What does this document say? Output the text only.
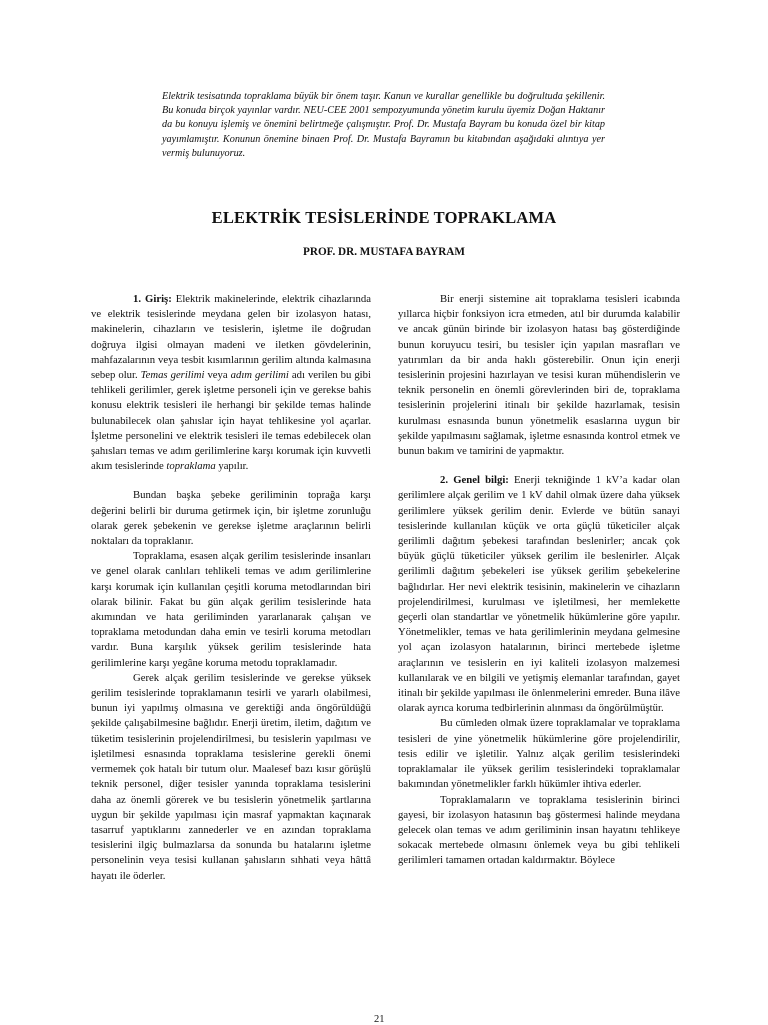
Elektrik tesisatında topraklama büyük bir önem taşır. Kanun ve kurallar genellikle bu doğrultuda şekillenir. Bu konuda birçok yayınlar vardır. NEU-CEE 2001 sempozyumunda yönetim kurulu üyemiz Doğan Haktanır da bu konuyu işlemiş ve önemini belirtmeğe çalışmıştır. Prof. Dr. Mustafa Bayram bu konuda özel bir kitap yayımlamıştır. Konunun önemine binaen Prof. Dr. Mustafa Bayramın bu kitabından aşağıdaki alıntıya yer vermiş bulunuyoruz.
ELEKTRİK TESİSLERİNDE TOPRAKLAMA
PROF. DR. MUSTAFA BAYRAM

1. Giriş: Elektrik makinelerinde, elektrik cihazlarında ve elektrik tesislerinde meydana gelen bir izolasyon hatası, makinelerin, cihazların ve tesislerin, işletme ile doğrudan doğruya ilgisi olmayan madeni ve iletken gövdelerinin, mahfazalarının veya tesbit kısımlarının gerilim altında kalmasına sebep olur. Temas gerilimi veya adım gerilimi adı verilen bu gibi tehlikeli gerilimler, gerek işletme personeli için ve gerekse bahis konusu elektrik tesisleri ile herhangi bir şekilde temas halinde bulunabilecek olan şahıslar için hayat tehlikesine yol açarlar. İşletme personelini ve elektrik tesisleri ile temas edebilecek olan şahısları temas ve adım gerilimlerine karşı korumak için kuvvetli akım tesislerinde topraklama yapılır.

Bundan başka şebeke geriliminin toprağa karşı değerini belirli bir duruma getirmek için, bir işletme zorunluğu olarak gerek şebekenin ve gerekse işletme araçlarının belirli noktaları da topraklanır.

Topraklama, esasen alçak gerilim tesislerinde insanları ve genel olarak canlıları tehlikeli temas ve adım gerilimlerine karşı korumak için kullanılan çeşitli koruma metodlarından biri olarak bilinir. Fakat bu gün alçak gerilim tesislerinde hata akımından ve hata geriliminden yararlanarak çalışan ve topraklama metodundan daha emin ve tesirli koruma metodları vardır. Buna karşılık yüksek gerilim tesislerinde hata gerilimlerine karşı yegâne koruma metodu topraklamadır.

Gerek alçak gerilim tesislerinde ve gerekse yüksek gerilim tesislerinde topraklamanın tesirli ve yararlı olabilmesi, bunun iyi yapılmış olmasına ve gerektiği anda öngörüldüğü şekilde çalışabilmesine bağlıdır. Enerji üretim, iletim, dağıtım ve tüketim tesislerinin projelendirilmesi, bu tesislerin yapılması ve işletilmesi esnasında topraklama tesislerine gerekli önemi vermemek çok hatalı bir tutum olur. Maalesef bazı kısır görüşlü teknik personel, diğer tesisler yanında topraklama tesislerini daha az önemli görerek ve bu tesislerin yönetmelik şartlarına uygun bir şekilde yapılması için masraf yapmaktan kaçınarak tasarruf yaptıklarını zannederler ve en azından topraklama tesislerini ilgiç bulmazlarsa da sonunda bu hatalarını işletme personelinin veya tesisi kullanan şahısların sıhhati veya hâttâ hayatı ile öderler.

Bir enerji sistemine ait topraklama tesisleri icabında yıllarca hiçbir fonksiyon icra etmeden, atıl bir durumda kalabilir ve ancak günün birinde bir izolasyon hatası baş gösterdiğinde bunun koruyucu tesiri, bu tesisler için yapılan masrafları ve yatırımları da bir anda haklı gösterebilir. Onun için enerji tesislerinin projesini hazırlayan ve tesisi kuran mühendislerin ve teknik personelin en önemli görevlerinden biri de, topraklama tesislerinin projelerini itinalı bir şekilde hazırlamak, tesisin kurulması esnasında bunun yönetmelik esaslarına uygun bir şekilde yapılmasını sağlamak, işletme esnasında kontrol etmek ve bunun bakım ve tamirini de yapmaktır.

2. Genel bilgi: Enerji tekniğinde 1 kV’a kadar olan gerilimlere alçak gerilim ve 1 kV dahil olmak üzere daha yüksek gerilimlere yüksek gerilim denir. Evlerde ve bütün sanayi tesislerinde kullanılan küçük ve orta güçlü tüketiciler alçak gerilimli dağıtım şebekesi tarafından beslenirler; ancak çok büyük güçlü tüketiciler yüksek gerilim ile beslenirler. Alçak gerilimli dağıtım şebekeleri ise yüksek gerilim şebekelerine bağlıdırlar. Her nevi elektrik tesisinin, makinelerin ve cihazların projelendirilmesi, kurulması ve işletilmesi, her memlekette geçerli olan standartlar ve yönetmelik hükümlerine göre yapılır. Yönetmelikler, temas ve hata gerilimlerinin meydana gelmesine yol açan izolasyon hatalarının, birinci mertebede işletme araçlarının ve tesislerin en iyi kaliteli izolasyon malzemesi kullanılarak ve en bilgili ve yetişmiş elemanlar tarafından, gayet itinalı bir şekilde yapılması ile önlenmelerini emreder. Buna ilâve olarak ayrıca koruma tedbirlerinin alınması da öngörülmüştür.

Bu cümleden olmak üzere topraklamalar ve topraklama tesisleri de yine yönetmelik hükümlerine göre projelendirilir, tesis edilir ve işletilir. Yalnız alçak gerilim tesislerindeki topraklamalar ile yüksek gerilim tesislerindeki topraklamalar bakımından yönetmelikler farklı hükümler ihtiva ederler.

Topraklamaların ve topraklama tesislerinin birinci gayesi, bir izolasyon hatasının baş göstermesi halinde meydana gelecek olan temas ve adım geriliminin insan hayatını tehlikeye sokacak mertebede olmasını önlemek veya bu gibi tehlikeli gerilimleri tamamen ortadan kaldırmaktır. Böylece

21
